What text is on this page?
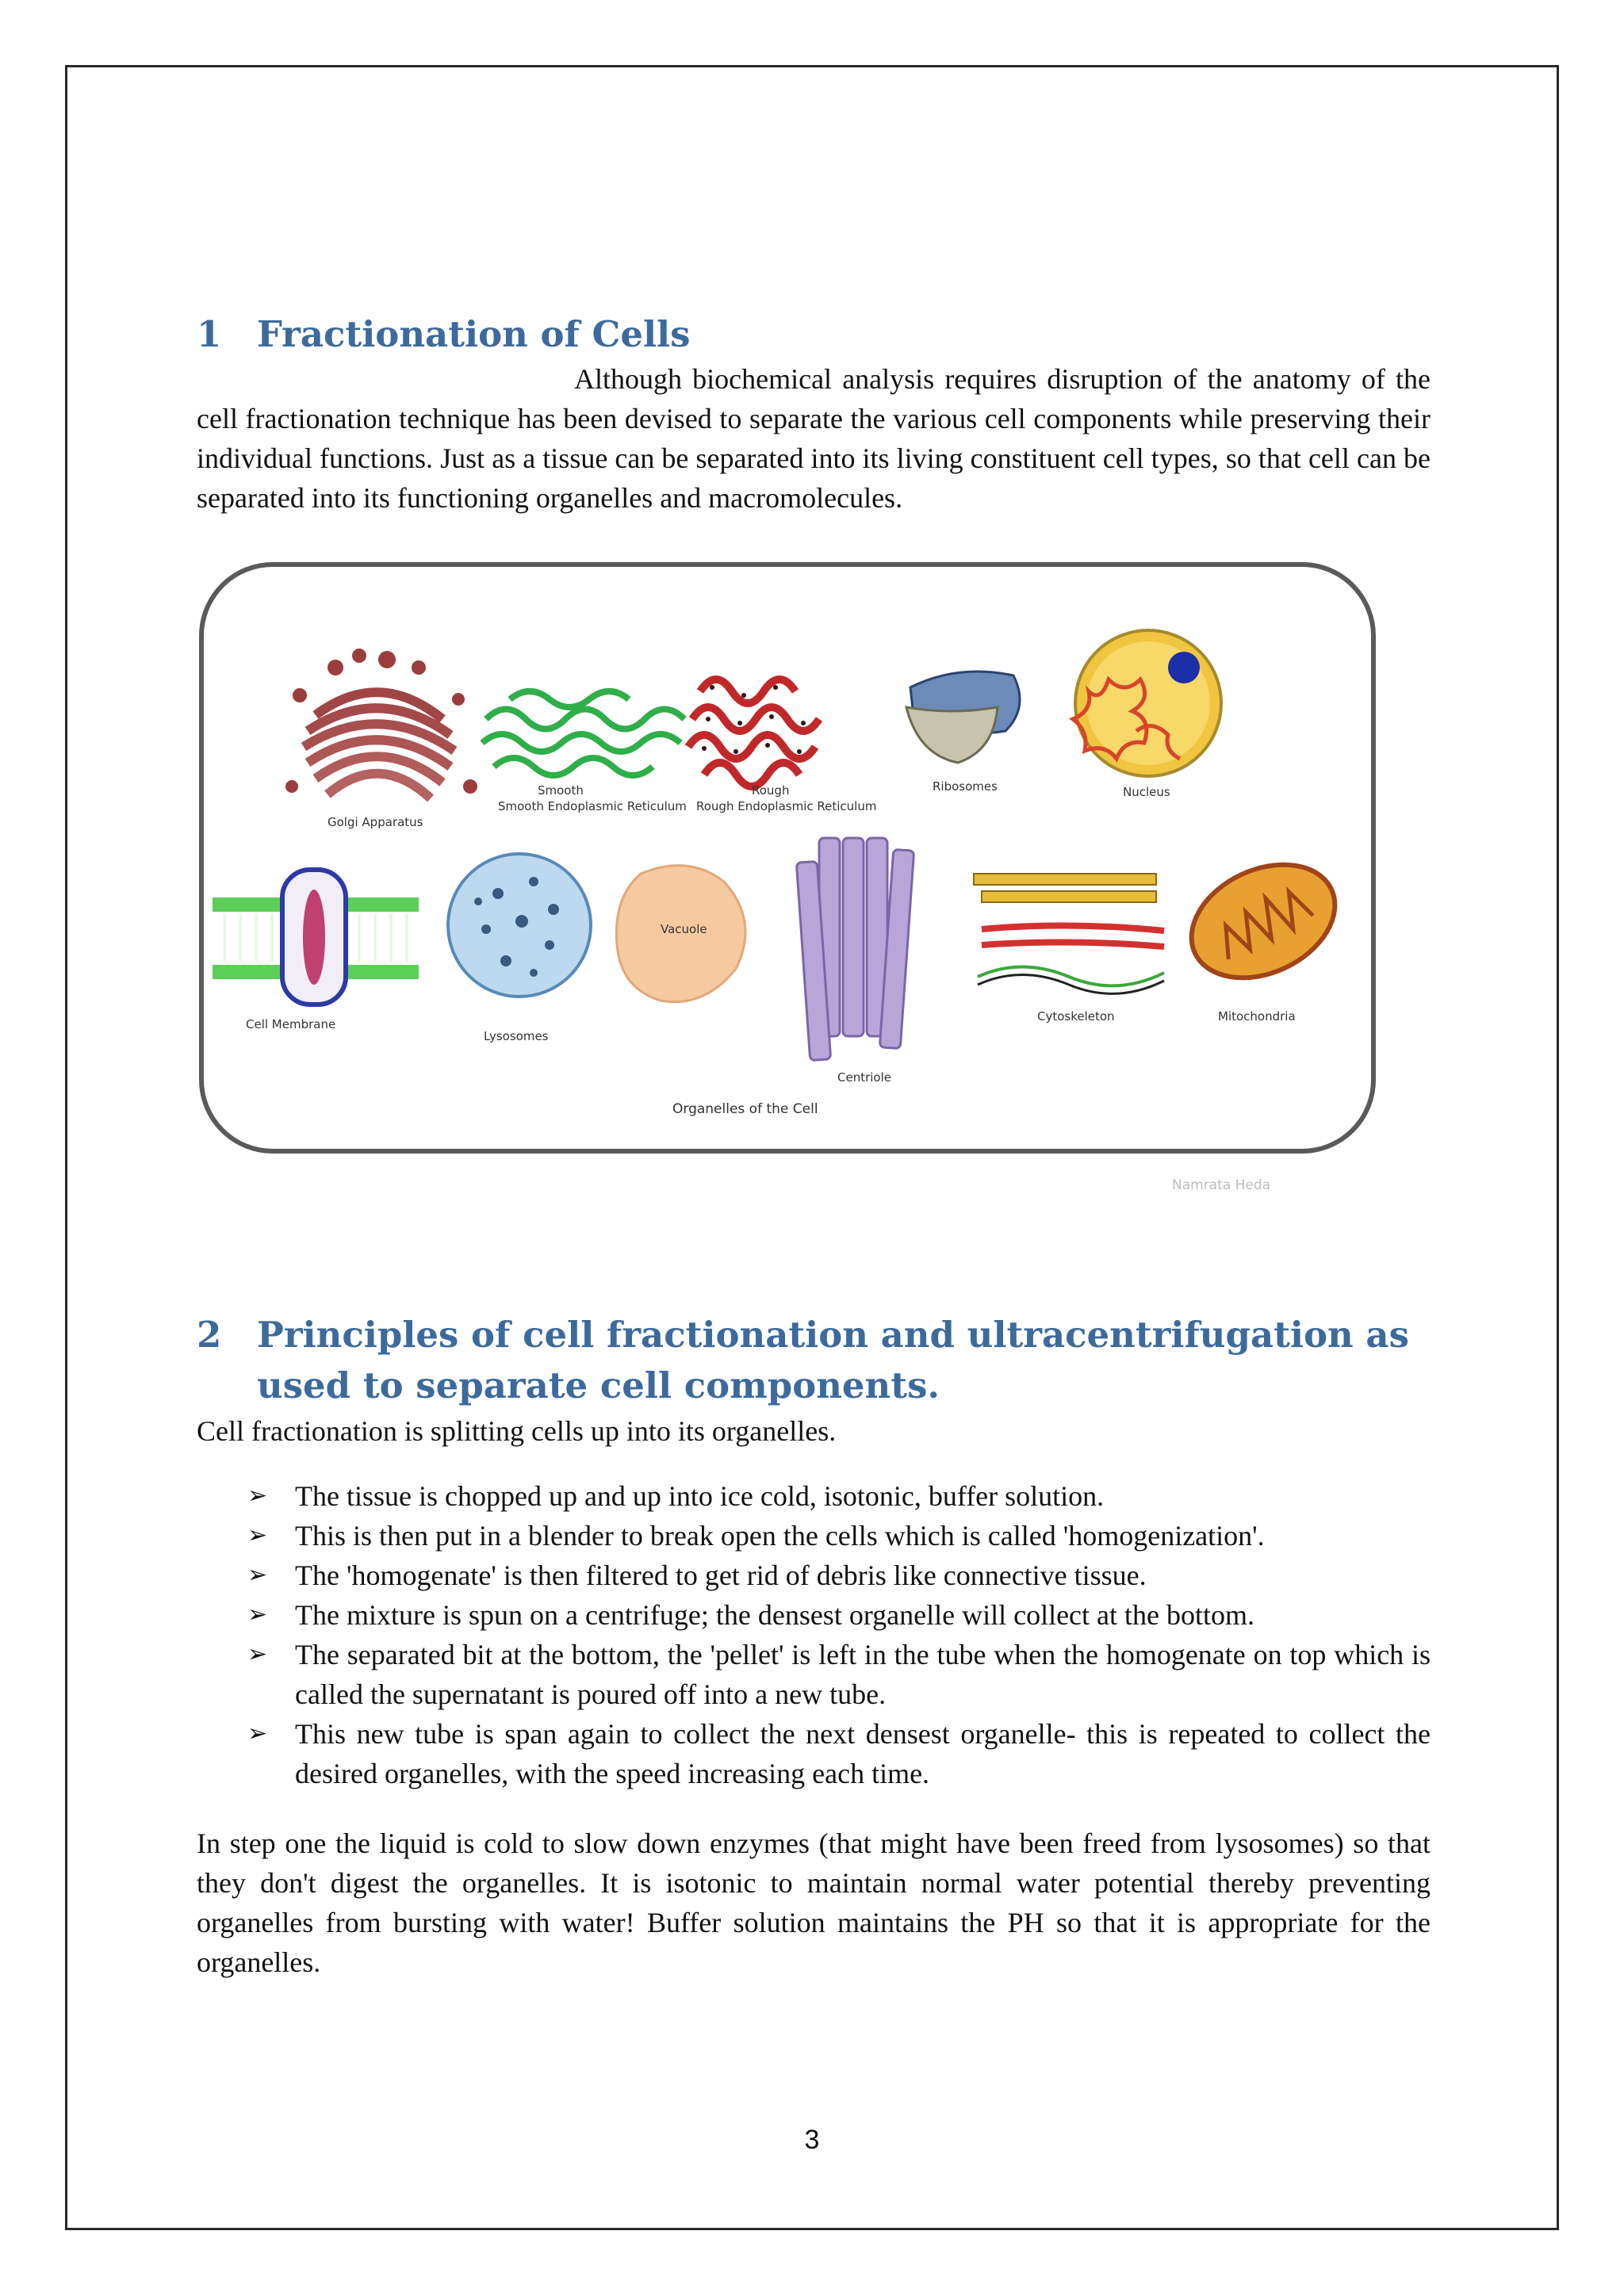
1 Fractionation of Cells

Although biochemical analysis requires disruption of the anatomy of the cell fractionation technique has been devised to separate the various cell components while preserving their individual functions. Just as a tissue can be separated into its living constituent cell types, so that cell can be separated into its functioning organelles and macromolecules.

Golgi Apparatus
Smooth
Smooth Endoplasmic Reticulum
Rough
Rough Endoplasmic Reticulum
Ribosomes	Nucleus
Cell Membrane
Lysosomes
Vacuole
Centriole
Cytoskeleton	Mitochondria
Organelles of the Cell
Namrata Heda
2 Principles of cell fractionation and ultracentrifugation as used to separate cell components.

Cell fractionation is splitting cells up into its organelles.

➢ The tissue is chopped up and up into ice cold, isotonic, buffer solution.
➢ This is then put in a blender to break open the cells which is called 'homogenization'.
➢ The 'homogenate' is then filtered to get rid of debris like connective tissue.
➢ The mixture is spun on a centrifuge; the densest organelle will collect at the bottom.
➢ The separated bit at the bottom, the 'pellet' is left in the tube when the homogenate on top which is called the supernatant is poured off into a new tube.
➢ This new tube is span again to collect the next densest organelle- this is repeated to collect the desired organelles, with the speed increasing each time.

In step one the liquid is cold to slow down enzymes (that might have been freed from lysosomes) so that they don't digest the organelles. It is isotonic to maintain normal water potential thereby preventing organelles from bursting with water! Buffer solution maintains the PH so that it is appropriate for the organelles.

3
